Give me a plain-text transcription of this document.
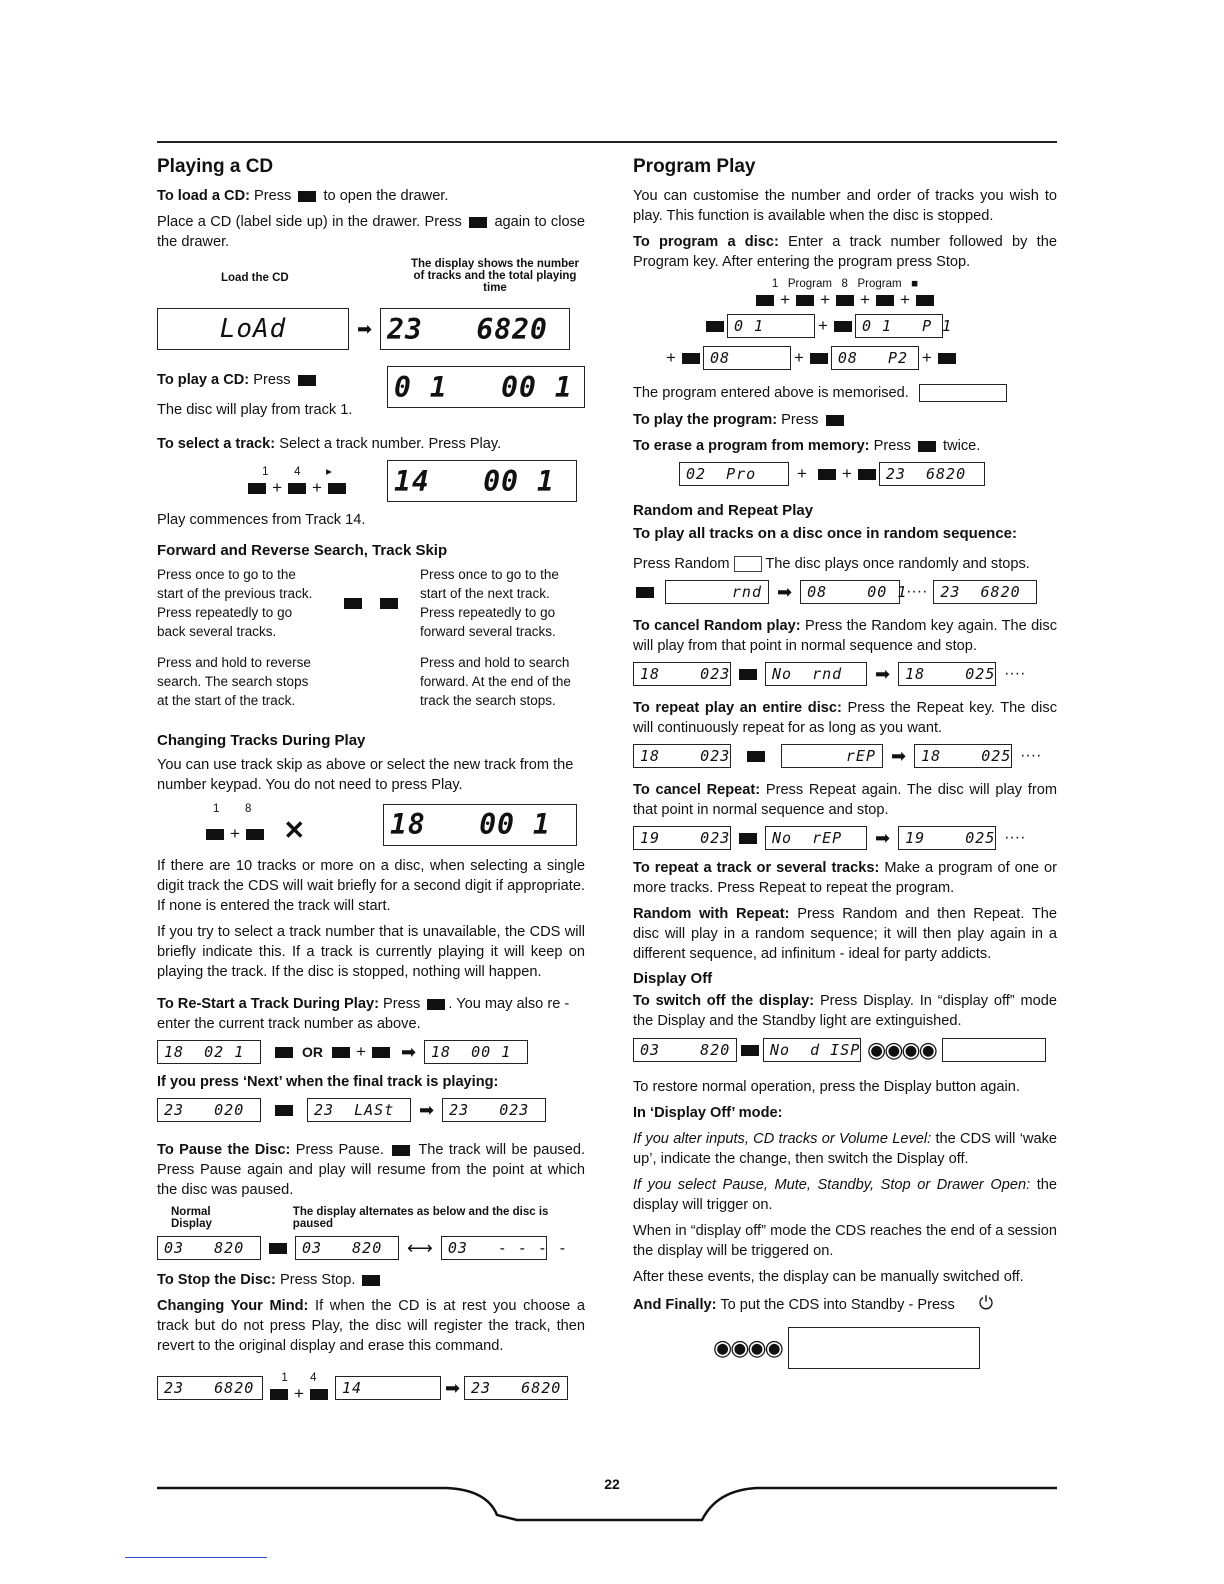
Playing a CD

To load a CD: Press to open the drawer.

Place a CD (label side up) in the drawer. Press again to close the drawer.

Load the CD
The display shows the number of tracks and the total playing time
LoAd	➡ 23   6820

To play a CD: Press

The disc will play from track 1.

0 1   00 1

To select a track: Select a track number. Press Play.

1 4        ▸
+ +	14   00 1

Play commences from Track 14.

Forward and Reverse Search, Track Skip
Press once to go to the start of the previous track. Press repeatedly to go back several tracks.
Press once to go to the start of the next track. Press repeatedly to go forward several tracks.
Press and hold to reverse search. The search stops at the start of the track.
Press and hold to search forward. At the end of the track the search stops.
Changing Tracks During Play

You can use track skip as above or select the new track from the number keypad. You do not need to press Play.

1 8
+ ✕	18   00 1

If there are 10 tracks or more on a disc, when selecting a single digit track the CDS will wait briefly for a second digit if appropriate. If none is entered the track will start.

If you try to select a track number that is unavailable, the CDS will briefly indicate this. If a track is currently playing it will keep on playing the track. If the disc is stopped, nothing will happen.

To Re-Start a Track During Play: Press . You may also re -enter the current track number as above.

18  02 1	OR + ➡	18  00 1

If you press ‘Next’ when the final track is playing:

23   020	23  LASt	➡	23   023

To Pause the Disc: Press Pause. The track will be paused. Press Pause again and play will resume from the point at which the disc was paused.

Normal Display
The display alternates as below and the disc is paused
03   820	03   820	⟷	03   - - - -

To Stop the Disc: Press Stop.

Changing Your Mind: If when the CD is at rest you choose a track but do not press Play, the disc will register the track, then revert to the original display and erase this command.

23   6820
1 4
+	14	➡ 23   6820
Program Play

You can customise the number and order of tracks you wish to play. This function is available when the disc is stopped.

To program a disc: Enter a track number followed by the Program key. After entering the program press Stop.

1   Program   8   Program   ■
+ + + +
0 1	+	0 1   P 1
+	08	+	08   P2 +
The program entered above is memorised.

To play the program: Press

To erase a program from memory: Press twice.

02  Pro	+ +	23  6820
Random and Repeat Play
To play all tracks on a disc once in random sequence:

Press Random The disc plays once randomly and stops.

rnd ➡	08    00 1
···· 23  6820

To cancel Random play: Press the Random key again. The disc will play from that point in normal sequence and stop.

18    023	No  rnd	➡	18    025 ····

To repeat play an entire disc: Press the Repeat key. The disc will continuously repeat for as long as you want.

18    023	rEP ➡	18    025 ····

To cancel Repeat: Press Repeat again. The disc will play from that point in normal sequence and stop.

19    023	No  rEP	➡	19    025 ····

To repeat a track or several tracks: Make a program of one or more tracks. Press Repeat to repeat the program.

Random with Repeat: Press Random and then Repeat. The disc will play in a random sequence; it will then play again in a different sequence, ad infinitum - ideal for party addicts.

Display Off

To switch off the display: Press Display. In “display off” mode the Display and the Standby light are extinguished.

03    820	No  d ISP ◉◉◉◉

To restore normal operation, press the Display button again.

In ‘Display Off’ mode:

If you alter inputs, CD tracks or Volume Level: the CDS will ‘wake up’, indicate the change, then switch the Display off.

If you select Pause, Mute, Standby, Stop or Drawer Open: the display will trigger on.

When in “display off” mode the CDS reaches the end of a session the display will be triggered on.

After these events, the display can be manually switched off.

And Finally: To put the CDS into Standby - Press ⏻

◉◉◉◉
22
